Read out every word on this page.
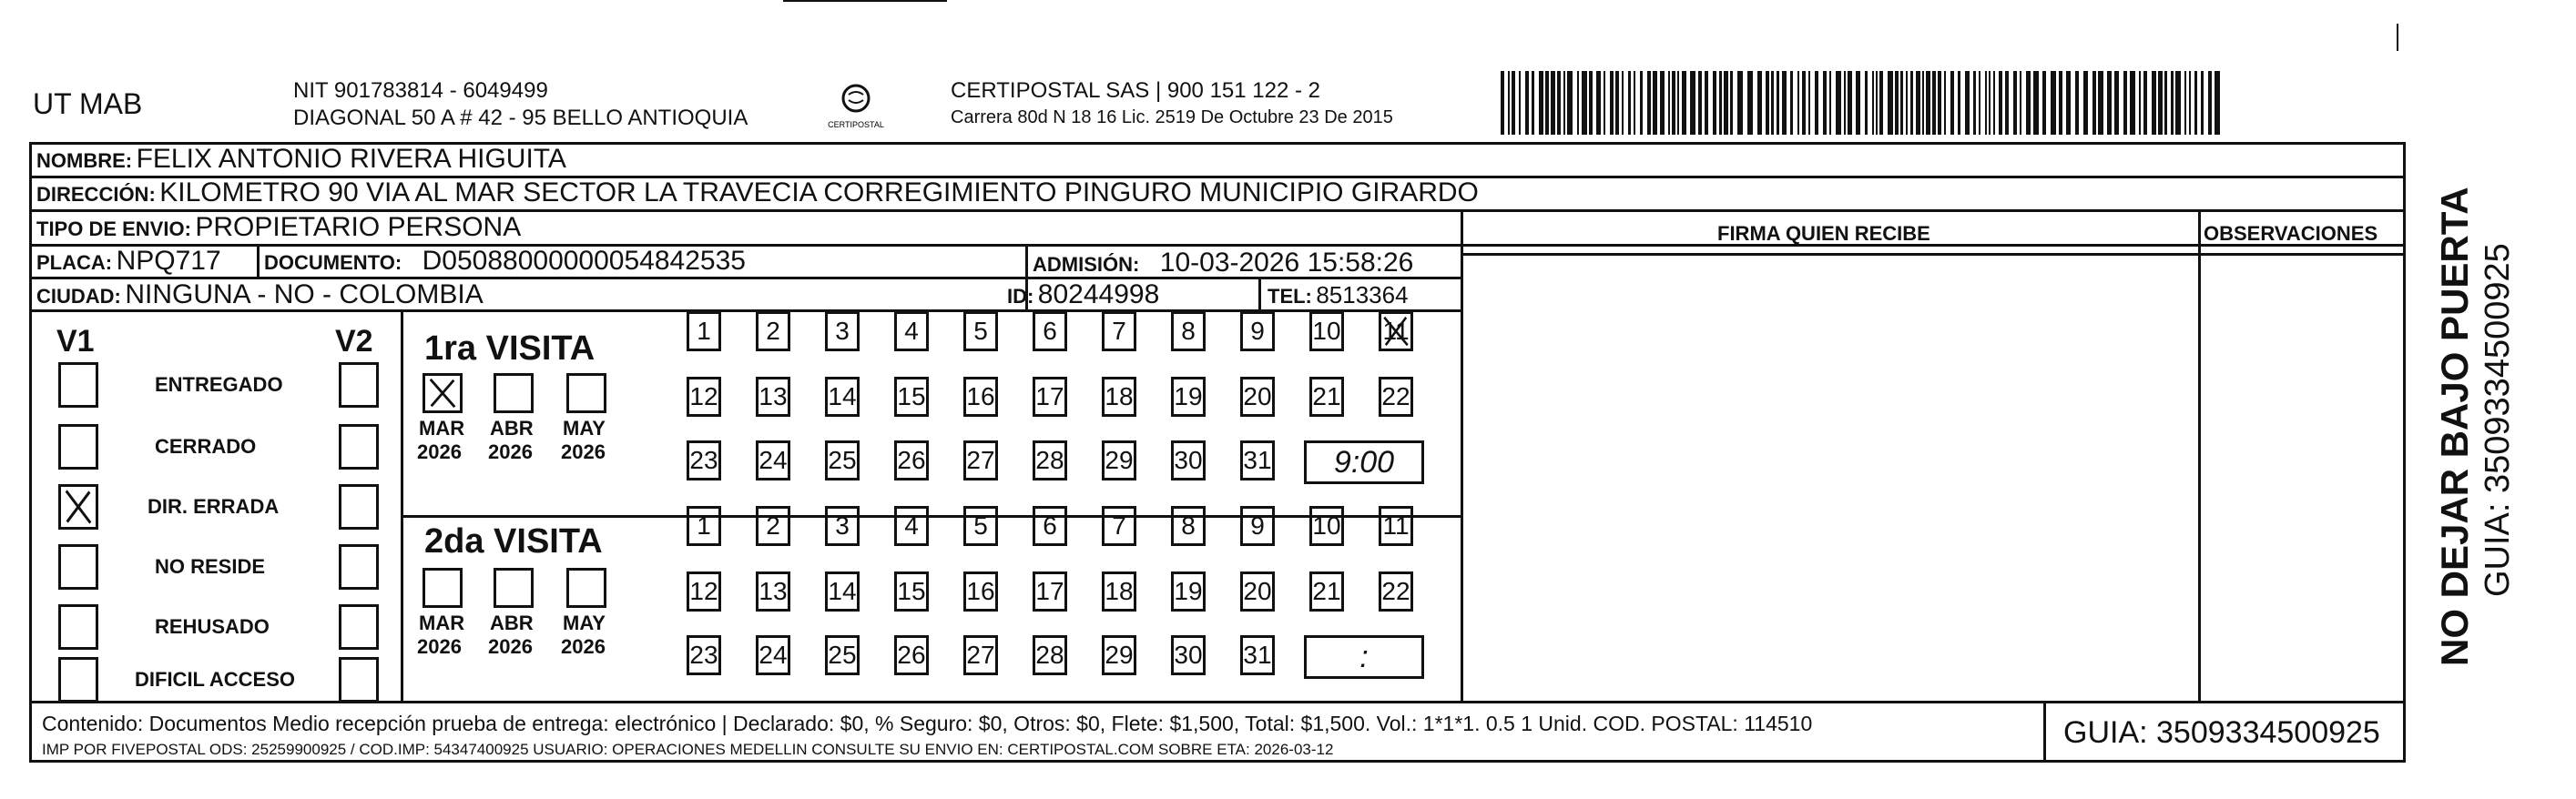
UT MAB	NIT 901783814 - 6049499
DIAGONAL 50 A # 42 - 95 BELLO ANTIOQUIA	CERTIPOSTAL
CERTIPOSTAL SAS | 900 151 122 - 2
Carrera 80d N 18 16 Lic. 2519 De Octubre 23 De 2015
NOMBRE: FELIX ANTONIO RIVERA HIGUITA
DIRECCIÓN: KILOMETRO 90 VIA AL MAR SECTOR LA TRAVECIA CORREGIMIENTO PINGURO MUNICIPIO GIRARDO
TIPO DE ENVIO: PROPIETARIO PERSONA
PLACA: NPQ717 DOCUMENTO: D05088000000054842535	ADMISIÓN: 10-03-2026 15:58:26
CIUDAD: NINGUNA - NO - COLOMBIA	ID: 80244998	TEL: 8513364
FIRMA QUIEN RECIBE	OBSERVACIONES
V1	V2 1ra VISITA
2da VISITA
Contenido: Documentos Medio recepción prueba de entrega: electrónico | Declarado: $0, % Seguro: $0, Otros: $0, Flete: $1,500, Total: $1,500. Vol.: 1*1*1. 0.5 1 Unid. COD. POSTAL: 114510
IMP POR FIVEPOSTAL ODS: 25259900925 / COD.IMP: 54347400925 USUARIO: OPERACIONES MEDELLIN CONSULTE SU ENVIO EN: CERTIPOSTAL.COM SOBRE ETA: 2026-03-12	GUIA: 3509334500925
NO DEJAR BAJO PUERTA GUIA: 3509334500925
ENTREGADO
CERRADO
DIR. ERRADA
NO RESIDE
REHUSADO
DIFICIL ACCESO
MAR
2026
ABR
2026
MAY
2026
1	2	3	4	5	6	7	8	9	10 11
12 13 14 15 16 17 18 19 20 21 22
23 24 25 26 27 28 29 30 31	9:00
MAR
2026
ABR
2026
MAY
2026
1	2	3	4	5	6	7	8	9	10 11
12 13 14 15 16 17 18 19 20 21 22
23 24 25 26 27 28 29 30 31	:
